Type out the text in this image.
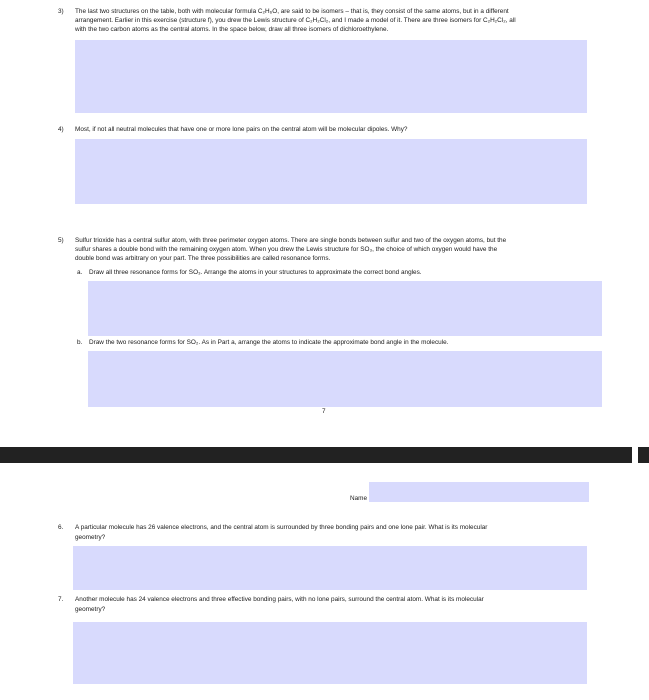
3) The last two structures on the table, both with molecular formula C₂H₆O, are said to be isomers – that is, they consist of the same atoms, but in a different
arrangement. Earlier in this exercise (structure f), you drew the Lewis structure of C₂H₂Cl₂, and I made a model of it. There are three isomers for C₂H₂Cl₂, all
with the two carbon atoms as the central atoms. In the space below, draw all three isomers of dichloroethylene.
4) Most, if not all neutral molecules that have one or more lone pairs on the central atom will be molecular dipoles. Why?
5) Sulfur trioxide has a central sulfur atom, with three perimeter oxygen atoms. There are single bonds between sulfur and two of the oxygen atoms, but the
sulfur shares a double bond with the remaining oxygen atom. When you drew the Lewis structure for SO₃, the choice of which oxygen would have the
double bond was arbitrary on your part. The three possibilities are called resonance forms.
a. Draw all three resonance forms for SO₃. Arrange the atoms in your structures to approximate the correct bond angles.
b. Draw the two resonance forms for SO₂. As in Part a, arrange the atoms to indicate the approximate bond angle in the molecule.
7
Name
6. A particular molecule has 26 valence electrons, and the central atom is surrounded by three bonding pairs and one lone pair. What is its molecular
geometry?
7. Another molecule has 24 valence electrons and three effective bonding pairs, with no lone pairs, surround the central atom. What is its molecular
geometry?
